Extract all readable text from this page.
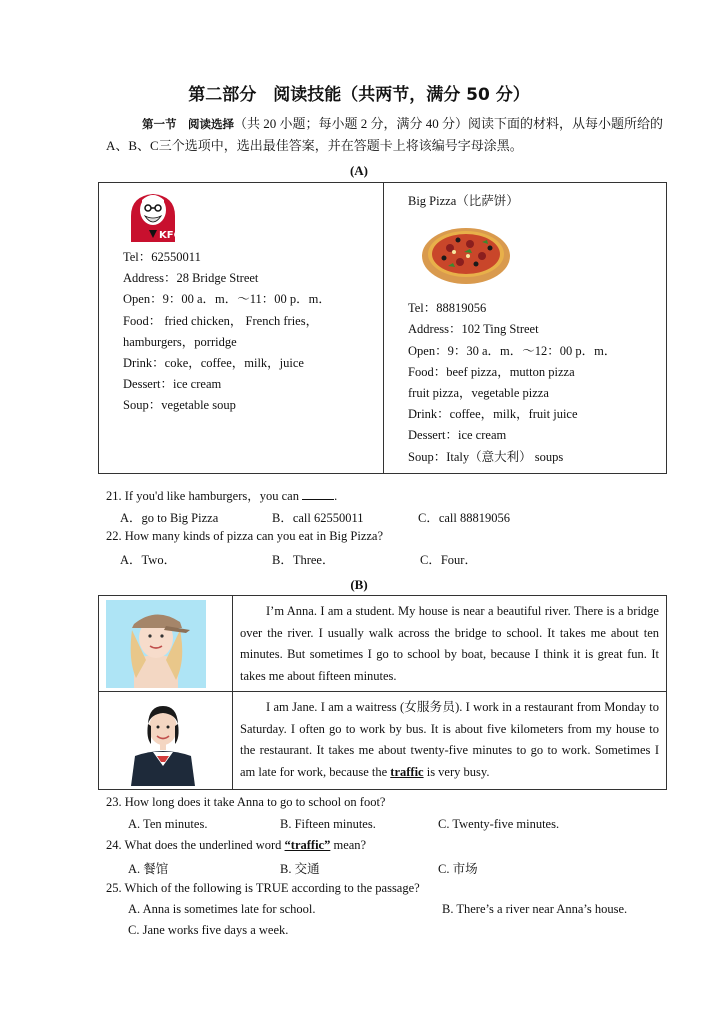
第二部分　阅读技能（共两节，满分 50 分）
第一节　阅读选择（共 20 小题；每小题 2 分，满分 40 分）阅读下面的材料，从每小题所给的A、B、C三个选项中，选出最佳答案，并在答题卡上将该编号字母涂黑。
(A)
KFC
Tel：62550011
Address：28 Bridge Street
Open：9：00 a．m．～11：00 p．m．
Food： fried chicken， French fries，
hamburgers，porridge
Drink：coke，coffee，milk，juice
Dessert：ice cream
Soup：vegetable soup

Big Pizza（比萨饼）
Tel：88819056
Address：102 Ting Street
Open：9：30 a．m．～12：00 p．m．
Food：beef pizza，mutton pizza
fruit pizza，vegetable pizza
Drink：coffee，milk，fruit juice
Dessert：ice cream
Soup：Italy（意大利） soups
21. If you'd like hamburgers，you can	.
A．go to Big Pizza	B．call 62550011	C．call 88819056
22. How many kinds of pizza can you eat in Big Pizza?
A．Two．	B．Three．	C．Four．
(B)

I’m Anna. I am a student. My house is near a beautiful river. There is a bridge over the river. I usually walk across the bridge to school. It takes me about ten minutes. But sometimes I go to school by boat, because I think it is great fun. It takes me about fifteen minutes.

I am Jane. I am a waitress (女服务员). I work in a restaurant from Monday to Saturday. I often go to work by bus. It is about five kilometers from my house to the restaurant. It takes me about twenty-five minutes to go to work. Sometimes I am late for work, because the traffic is very busy.
23. How long does it take Anna to go to school on foot?
A. Ten minutes.	B. Fifteen minutes.	C. Twenty-five minutes.
24. What does the underlined word “traffic” mean?
A. 餐馆	B. 交通	C. 市场
25. Which of the following is TRUE according to the passage?
A. Anna is sometimes late for school.	B. There’s a river near Anna’s house.
C. Jane works five days a week.
